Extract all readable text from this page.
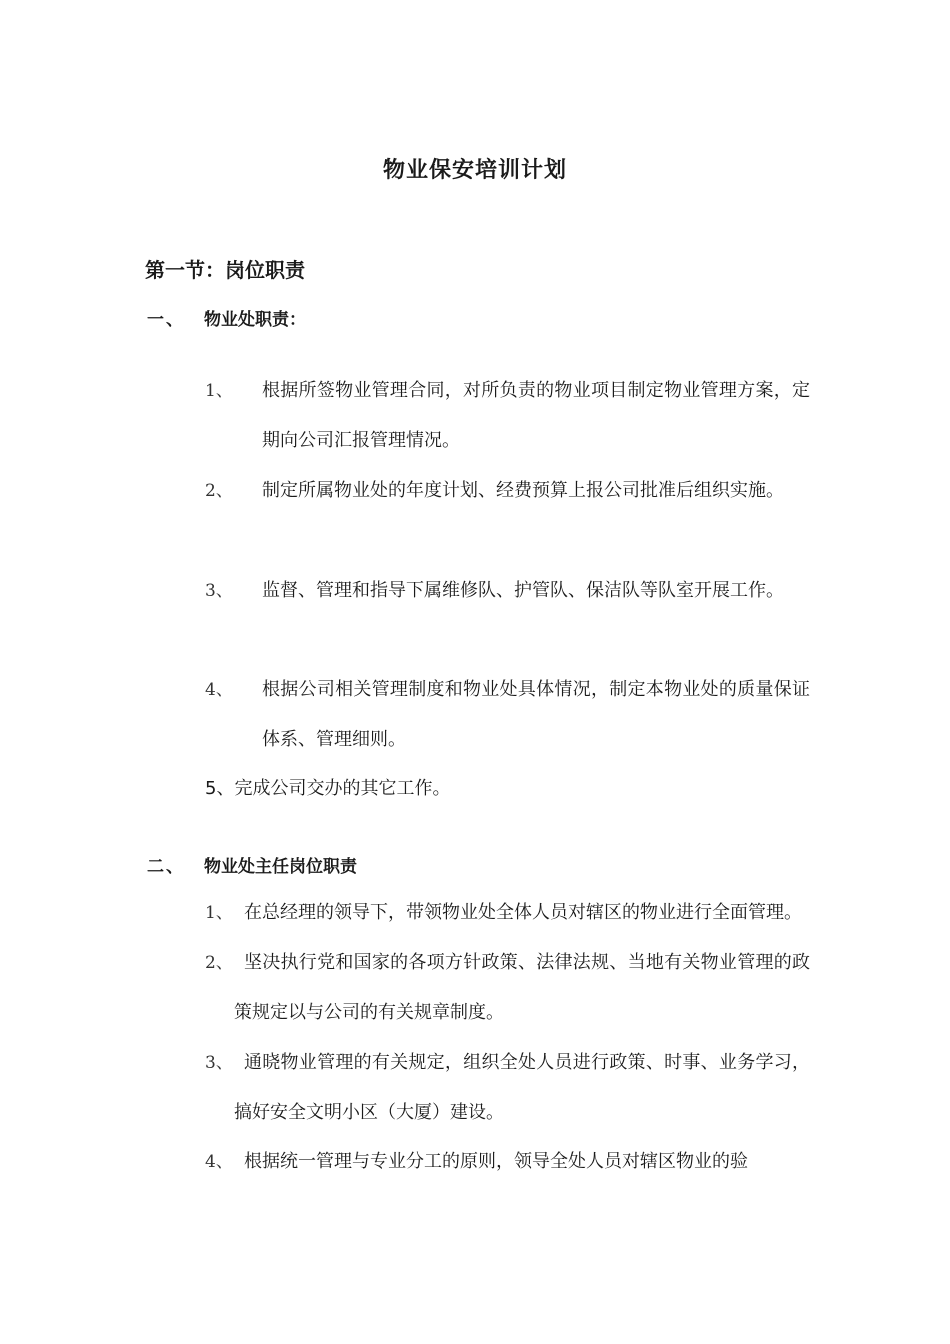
物业保安培训计划
第一节：岗位职责
一、 物业处职责：
1、 根据所签物业管理合同，对所负责的物业项目制定物业管理方案，定期向公司汇报管理情况。
2、 制定所属物业处的年度计划、经费预算上报公司批准后组织实施。
3、 监督、管理和指导下属维修队、护管队、保洁队等队室开展工作。
4、 根据公司相关管理制度和物业处具体情况，制定本物业处的质量保证体系、管理细则。
5、完成公司交办的其它工作。
二、 物业处主任岗位职责
1、 在总经理的领导下，带领物业处全体人员对辖区的物业进行全面管理。
2、 坚决执行党和国家的各项方针政策、法律法规、当地有关物业管理的政策规定以与公司的有关规章制度。
3、 通晓物业管理的有关规定，组织全处人员进行政策、时事、业务学习，搞好安全文明小区（大厦）建设。
4、 根据统一管理与专业分工的原则，领导全处人员对辖区物业的验
